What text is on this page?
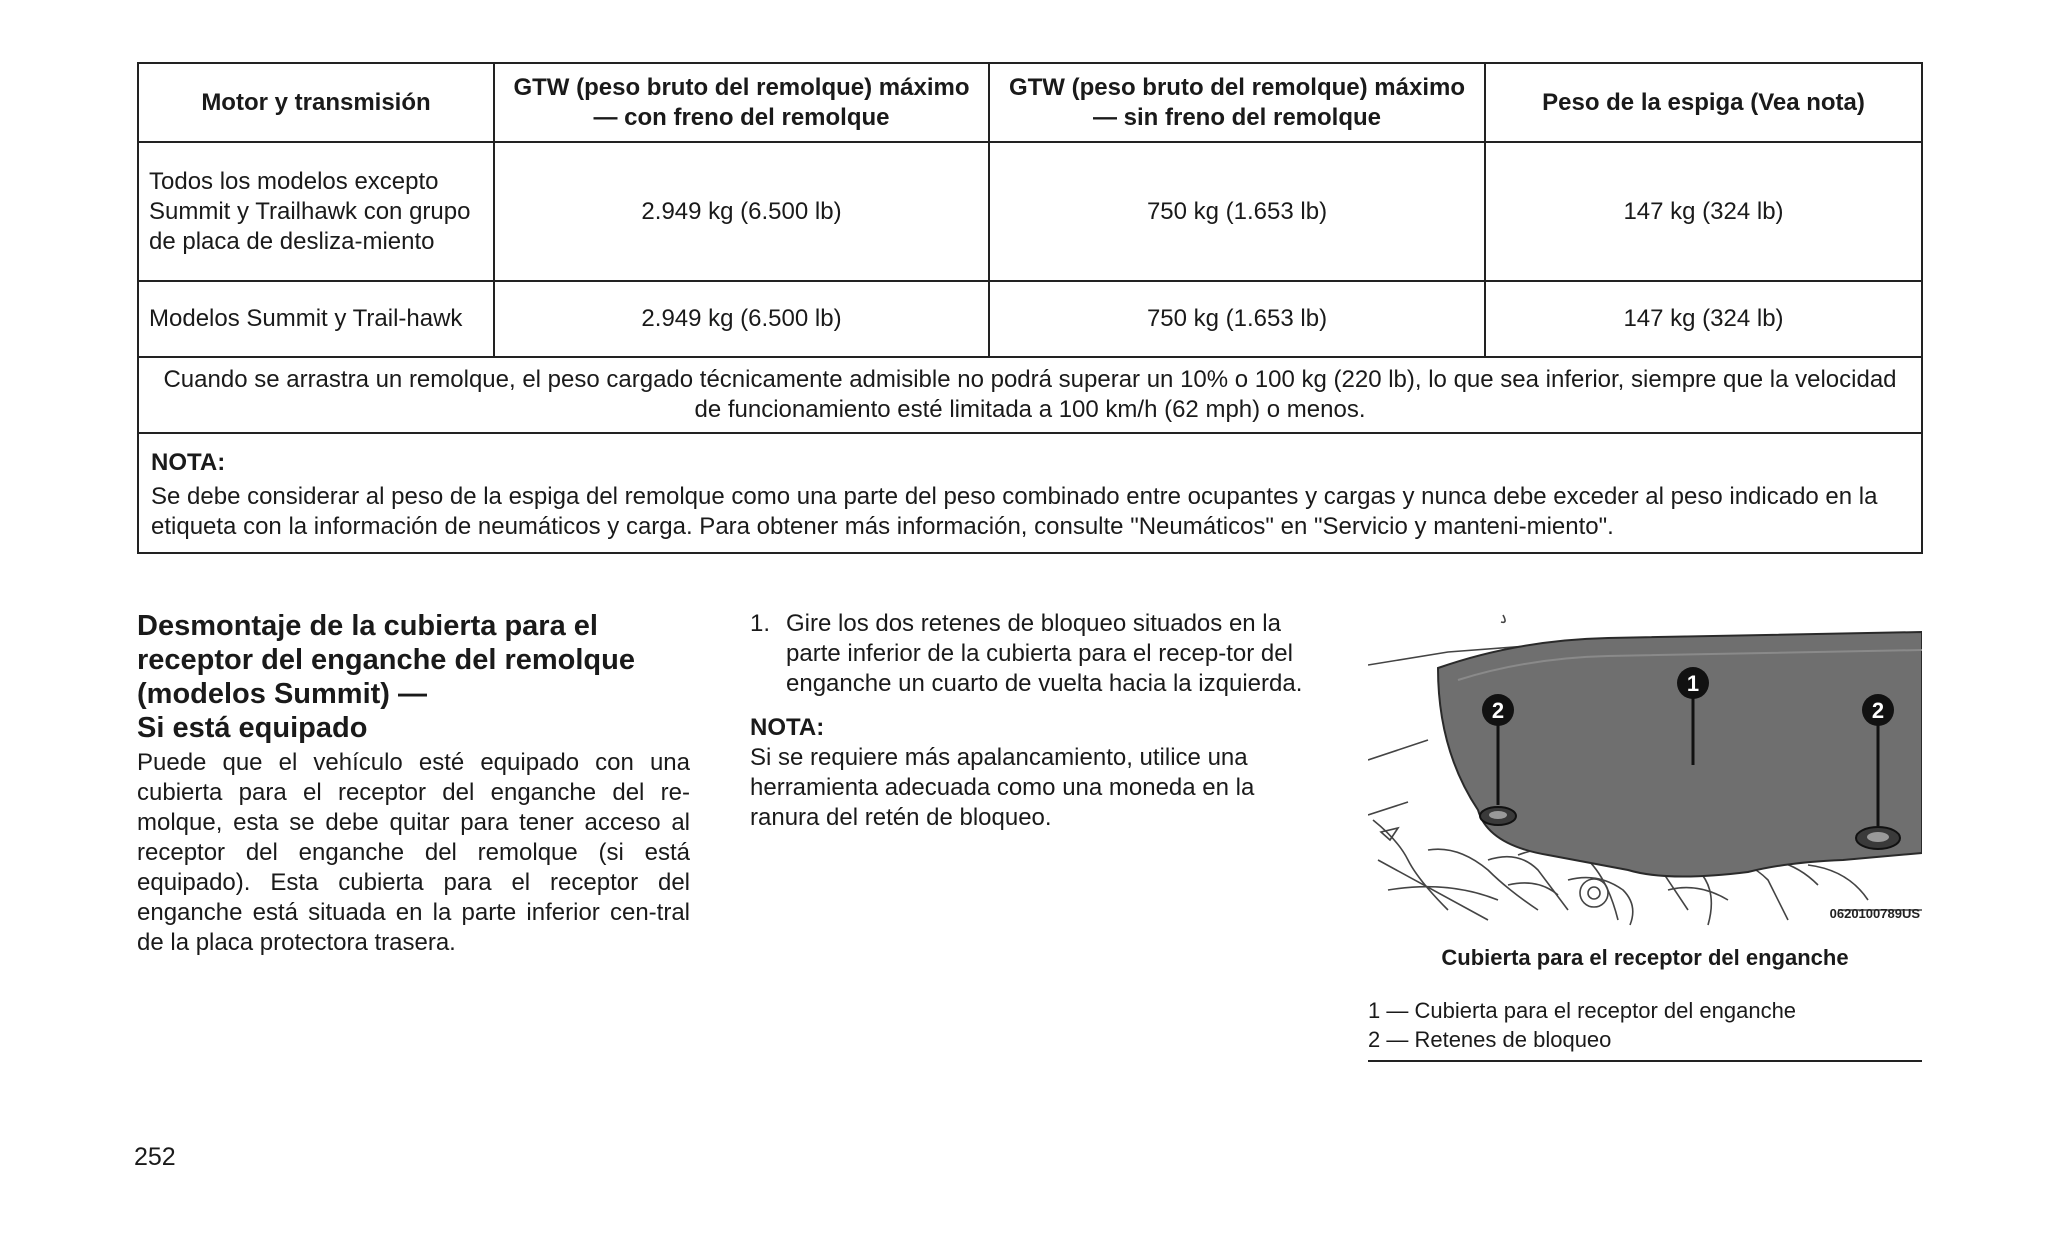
Motor y transmisión	GTW (peso bruto del remolque) máximo — con freno del remolque	GTW (peso bruto del remolque) máximo — sin freno del remolque	Peso de la espiga (Vea nota)
Todos los modelos excepto Summit y Trailhawk con grupo de placa de desliza-miento	2.949 kg (6.500 lb)	750 kg (1.653 lb)	147 kg (324 lb)
Modelos Summit y Trail-hawk	2.949 kg (6.500 lb)	750 kg (1.653 lb)	147 kg (324 lb)
Cuando se arrastra un remolque, el peso cargado técnicamente admisible no podrá superar un 10% o 100 kg (220 lb), lo que sea inferior, siempre que la velocidad de funcionamiento esté limitada a 100 km/h (62 mph) o menos.			

NOTA:
Se debe considerar al peso de la espiga del remolque como una parte del peso combinado entre ocupantes y cargas y nunca debe exceder al peso indicado en la etiqueta con la información de neumáticos y carga. Para obtener más información, consulte "Neumáticos" en "Servicio y manteni-miento".			
Desmontaje de la cubierta para el
receptor del enganche del remolque
(modelos Summit) —
Si está equipado
Puede que el vehículo esté equipado con una cubierta para el receptor del enganche del re-molque, esta se debe quitar para tener acceso al receptor del enganche del remolque (si está equipado). Esta cubierta para el receptor del enganche está situada en la parte inferior cen-tral de la placa protectora trasera.
1. Gire los dos retenes de bloqueo situados en la parte inferior de la cubierta para el recep-tor del enganche un cuarto de vuelta hacia la izquierda.
NOTA:
Si se requiere más apalancamiento, utilice una herramienta adecuada como una moneda en la ranura del retén de bloqueo.
2
1
2
0620100789US
Cubierta para el receptor del enganche
1 — Cubierta para el receptor del enganche
2 — Retenes de bloqueo
252
